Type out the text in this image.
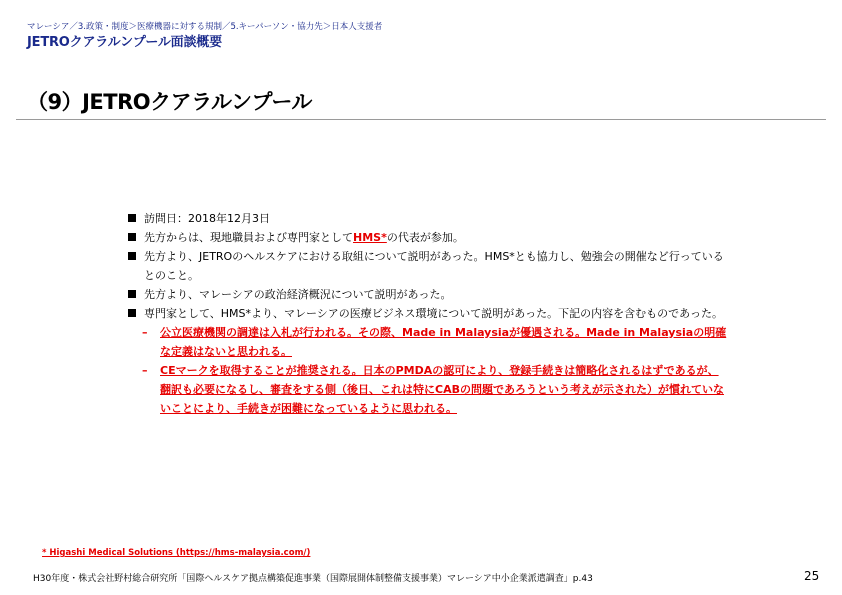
マレーシア／3.政策・制度＞医療機器に対する規制／5.キーパーソン・協力先＞日本人支援者
JETROクアラルンプール面談概要
（9）JETROクアラルンプール

訪問日：2018年12月3日

先方からは、現地職員および専門家としてHMS*の代表が参加。

先方より、JETROのヘルスケアにおける取組について説明があった。HMS*とも協力し、勉強会の開催など行っているとのこと。

先方より、マレーシアの政治経済概況について説明があった。

専門家として、HMS*より、マレーシアの医療ビジネス環境について説明があった。下記の内容を含むものであった。

– 公立医療機関の調達は入札が行われる。その際、Made in Malaysiaが優遇される。Made in Malaysiaの明確な定義はないと思われる。

– CEマークを取得することが推奨される。日本のPMDAの認可により、登録手続きは簡略化されるはずであるが、翻訳も必要になるし、審査をする側（後日、これは特にCABの問題であろうという考えが示された）が慣れていないことにより、手続きが困難になっているように思われる。

* Higashi Medical Solutions (https://hms-malaysia.com/)
H30年度・株式会社野村総合研究所「国際ヘルスケア拠点構築促進事業（国際展開体制整備支援事業）マレーシア中小企業派遣調査」p.43	25
